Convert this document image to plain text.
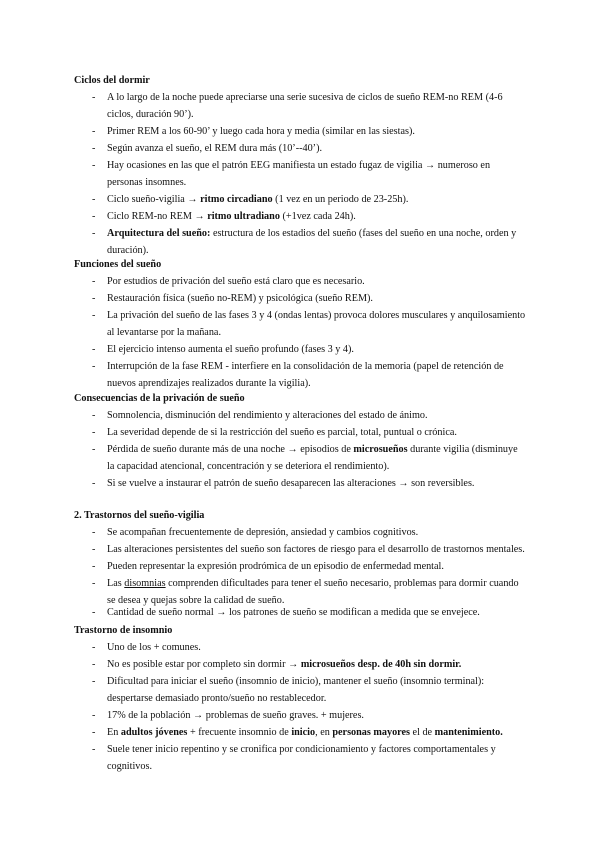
Ciclos del dormir
- A lo largo de la noche puede apreciarse una serie sucesiva de ciclos de sueño REM-no REM (4-6 ciclos, duración 90’).
- Primer REM a los 60-90’ y luego cada hora y media (similar en las siestas).
- Según avanza el sueño, el REM dura más (10’--40’).
- Hay ocasiones en las que el patrón EEG manifiesta un estado fugaz de vigilia → numeroso en personas insomnes.
- Ciclo sueño-vigilia → ritmo circadiano (1 vez en un periodo de 23-25h).
- Ciclo REM-no REM → ritmo ultradiano (+1vez cada 24h).
- Arquitectura del sueño: estructura de los estadios del sueño (fases del sueño en una noche, orden y duración).
Funciones del sueño
- Por estudios de privación del sueño está claro que es necesario.
- Restauración física (sueño no-REM) y psicológica (sueño REM).
- La privación del sueño de las fases 3 y 4 (ondas lentas) provoca dolores musculares y anquilosamiento al levantarse por la mañana.
- El ejercicio intenso aumenta el sueño profundo (fases 3 y 4).
- Interrupción de la fase REM - interfiere en la consolidación de la memoria (papel de retención de nuevos aprendizajes realizados durante la vigilia).
Consecuencias de la privación de sueño
- Somnolencia, disminución del rendimiento y alteraciones del estado de ánimo.
- La severidad depende de si la restricción del sueño es parcial, total, puntual o crónica.
- Pérdida de sueño durante más de una noche → episodios de microsueños durante vigilia (disminuye la capacidad atencional, concentración y se deteriora el rendimiento).
- Si se vuelve a instaurar el patrón de sueño desaparecen las alteraciones → son reversibles.
2. Trastornos del sueño-vigilia
- Se acompañan frecuentemente de depresión, ansiedad y cambios cognitivos.
- Las alteraciones persistentes del sueño son factores de riesgo para el desarrollo de trastornos mentales.
- Pueden representar la expresión prodrómica de un episodio de enfermedad mental.
- Las disomnias comprenden dificultades para tener el sueño necesario, problemas para dormir cuando se desea y quejas sobre la calidad de sueño.
- Cantidad de sueño normal → los patrones de sueño se modifican a medida que se envejece.
Trastorno de insomnio
- Uno de los + comunes.
- No es posible estar por completo sin dormir → microsueños desp. de 40h sin dormir.
- Dificultad para iniciar el sueño (insomnio de inicio), mantener el sueño (insomnio terminal): despertarse demasiado pronto/sueño no restablecedor.
- 17% de la población → problemas de sueño graves. + mujeres.
- En adultos jóvenes + frecuente insomnio de inicio, en personas mayores el de mantenimiento.
- Suele tener inicio repentino y se cronifica por condicionamiento y factores comportamentales y cognitivos.
